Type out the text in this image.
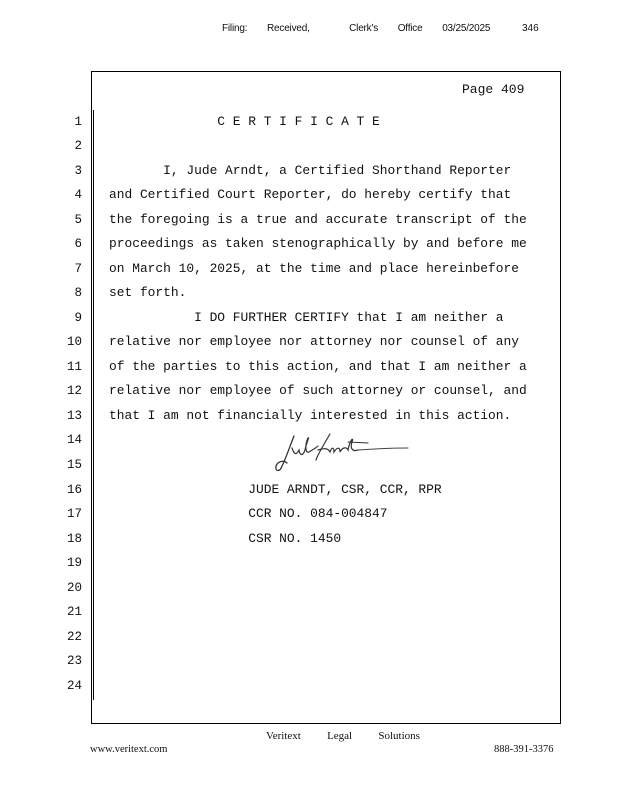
Filing:   Received,      Clerk's   Office   03/25/2025	346
Page 409
1 C E R T I F I C A T E
2
3 I, Jude Arndt, a Certified Shorthand Reporter
4 and Certified Court Reporter, do hereby certify that
5 the foregoing is a true and accurate transcript of the
6 proceedings as taken stenographically by and before me
7 on March 10, 2025, at the time and place hereinbefore
8 set forth.
9 I DO FURTHER CERTIFY that I am neither a
10 relative nor employee nor attorney nor counsel of any
11 of the parties to this action, and that I am neither a
12 relative nor employee of such attorney or counsel, and
13 that I am not financially interested in this action.
14
15
16 JUDE ARNDT, CSR, CCR, RPR
17 CCR NO. 084-004847
18 CSR NO. 1450
19
20
21
22
23
24
Veritext   Legal   Solutions
www.veritext.com	888-391-3376
